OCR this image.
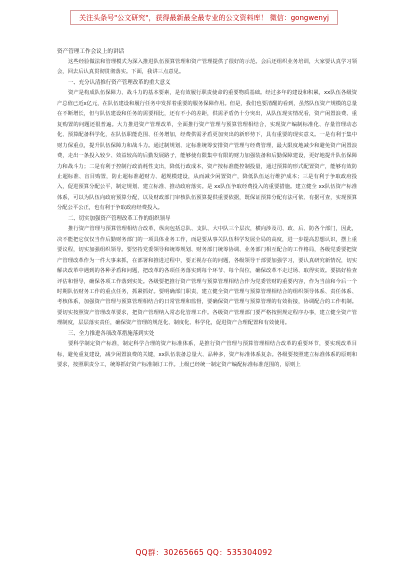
关注头条号"公文研究"，获得最新最全最专业的公文资料库！ 微信：gongwenyj

资产管理工作会议上的讲话

这些经验做法和管理模式为深入推进队伍预算管理和资产管理提供了很好的示范。会后还组织业务培训，大家要认真学习领会，回去后认真贯彻贯彻落实。下面，我讲三点意见。

一、充分认清推行资产管理改革的重大意义

资产是构成队伍保障力、战斗力的基本要素，是有效履行职责使命的重要物质基础。经过多年的建设和积累，xx队伍各级资产总值已近x亿元，在队伍建设和履行任务中发挥着重要的服务保障作用。但是，我们也要清醒的看到，虽然队伍资产规模的总量在不断增长，但与队伍建设和任务的需要相比，还有不小的差距，供需矛盾仍十分突出，从队伍现实情况看，资产闲置浪费、重复购置的问题还很普遍。大力推进资产管理改革，全面推行资产管理与预算管理相结合，实现资产编制标准化、存量管理动态化、预算配备科学化，在队伍职能范围、任务增加，经费供需矛盾更加突出的新形势下，具有重要的现实意义。一是有利于集中财力保重点，提升队伍保障力和战斗力。通过制规划、定标准统筹安排资产管理与经费管理，最大限度地减少和避免资产闲置浪费，走出一条投入较少、效益较高的后勤发展路子，能够使有限集中有限的财力加强装备和后勤保障建设，更好地提升队伍保障力和战斗力；二是有利于控制行政消耗性支出，降低行政成本，资产按标准能控制投量，通过预算的形式配置资产，能够有效防止超标准、盲目购置，防止超标准超财力、超规模建设，从而减少闲置资产，降低队伍运行维护成本；三是有利于争取政府投入，促进预算分配公平，制定规划、建立标准、推动政府落实。是 xx队伍争取经费投入的重要措施。建立健全 xx队伍资产标准体系，可以为队伍向政府预算分配，以及财政部门审核队伍预算提供重要依据，既保证预算分配有法可依、有据可查，实现预算分配公平公正，也有利于争取政府经费投入。

二、切实加强资产管理改革工作的组织领导

推行资产管理与预算管理相结合改革，纵向包括总队、支队、大中队三个层次，横向涉及司、政、后、防各个部门，因此，决不能把它仅仅当作后勤财务部门的一项具体业务工作，而是要从事关队伍科学发展全局的高度，进一步提高思想认识，摆上重要议程，切实加强组织领导。要坚持党委领导和统筹规划、财务部门统筹协调、业务部门相互配合的工作格局，各级党委要把资产管理改革作为一件大事来抓，在部署和推进过程中，要正视存在的问题，各级领导干部要加强学习，要认真研究新情况，切实解决改革中遇到的各种矛盾和问题，把改革的各项任务落实到每个环节、每个岗位，确保改革不走过场、取得实效。要搞好检查评估和督导，确保各项工作落到实处。各级要把推行资产管理与预算管理相结合作为党委管财的重要内容，作为当前和今后一个时期队伍财务工作的重点任务，抓紧抓好。要明确部门职责，建立健全资产管理与预算管理相结合的组织领导体系、责任体系、考核体系，加强资产管理与预算管理相结合的日常管理和监督，要确保资产管理与预算管理的有效衔接，协调配合的工作机制。要切实按照资产管理改革要求，把资产管理纳入常态化管理工作。各级资产管理部门要严格按照规定程序办事，建立健全资产管理制度，层层落实责任，确保资产管理的规范化、制度化、科学化，促进资产合理配置和有效使用。

三、全力推进各项改革措施落到实处

要科学制定资产标准，制定科学合理的资产标准体系，是推行资产管理与预算管理相结合改革的重要环节，要实现改革目标，避免重复建设，减少闲置浪费的关键，xx队伍装备总量大、品种多，资产标准体系复杂。各级要按照建立标准体系的原则和要求，按照职责分工，统筹抓好资产标准制订工作。上级已经统一制定资产编配标准标准范围的，原则上

QQ群：30265665 QQ：535304092
